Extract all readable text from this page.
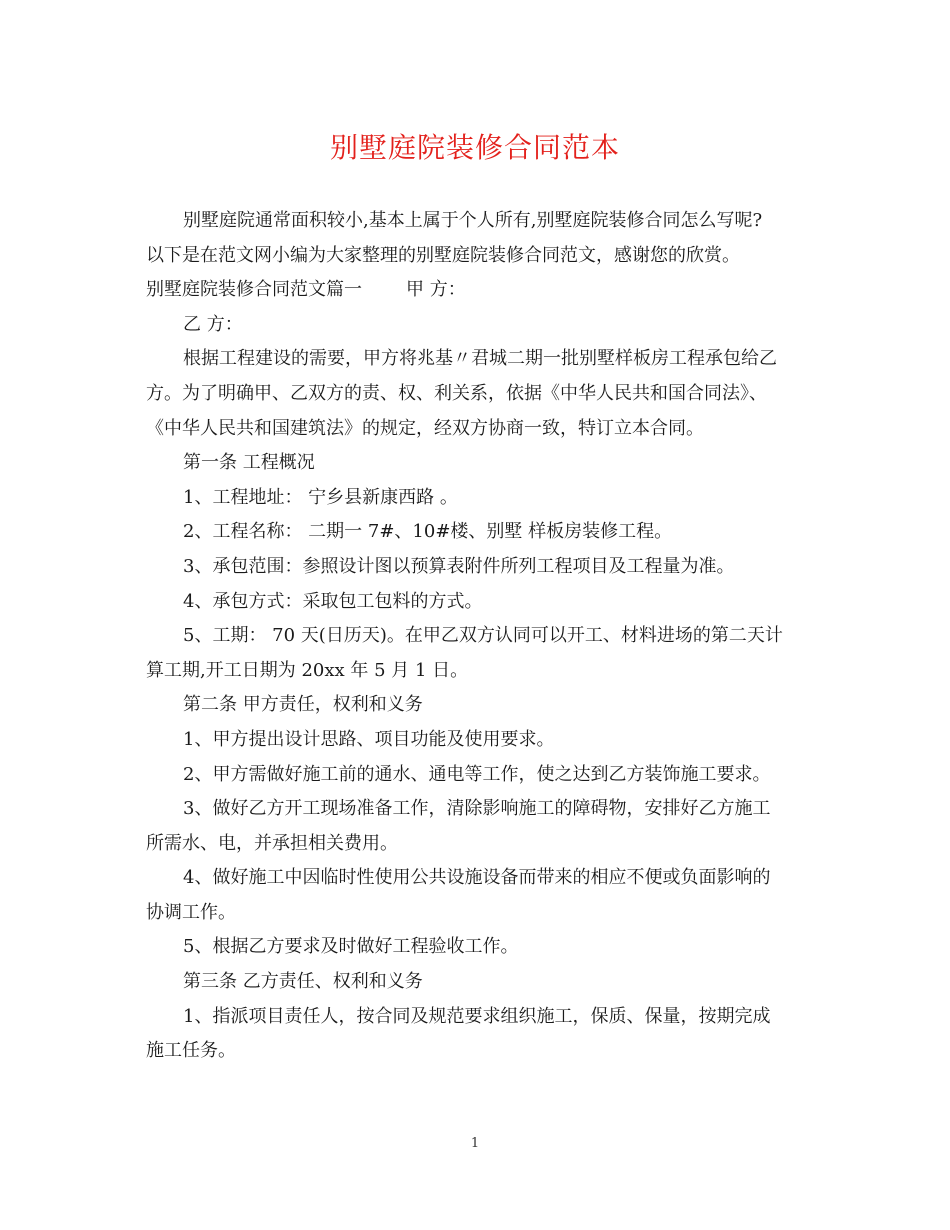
别墅庭院装修合同范本

别墅庭院通常面积较小,基本上属于个人所有,别墅庭院装修合同怎么写呢?

以下是在范文网小编为大家整理的别墅庭院装修合同范文，感谢您的欣赏。

别墅庭院装修合同范文篇一 甲 方：

乙 方：

根据工程建设的需要，甲方将兆基〃君城二期一批别墅样板房工程承包给乙

方。为了明确甲、乙双方的责、权、利关系，依据《中华人民共和国合同法》、

《中华人民共和国建筑法》的规定，经双方协商一致，特订立本合同。

第一条 工程概况

1、工程地址： 宁乡县新康西路 。

2、工程名称： 二期一 7#、10#楼、别墅 样板房装修工程。

3、承包范围：参照设计图以预算表附件所列工程项目及工程量为准。

4、承包方式：采取包工包料的方式。

5、工期： 70 天(日历天)。在甲乙双方认同可以开工、材料进场的第二天计

算工期,开工日期为 20xx 年 5 月 1 日。

第二条 甲方责任，权利和义务

1、甲方提出设计思路、项目功能及使用要求。

2、甲方需做好施工前的通水、通电等工作，使之达到乙方装饰施工要求。

3、做好乙方开工现场准备工作，清除影响施工的障碍物，安排好乙方施工

所需水、电，并承担相关费用。

4、做好施工中因临时性使用公共设施设备而带来的相应不便或负面影响的

协调工作。

5、根据乙方要求及时做好工程验收工作。

第三条 乙方责任、权利和义务

1、指派项目责任人，按合同及规范要求组织施工，保质、保量，按期完成

施工任务。

1
